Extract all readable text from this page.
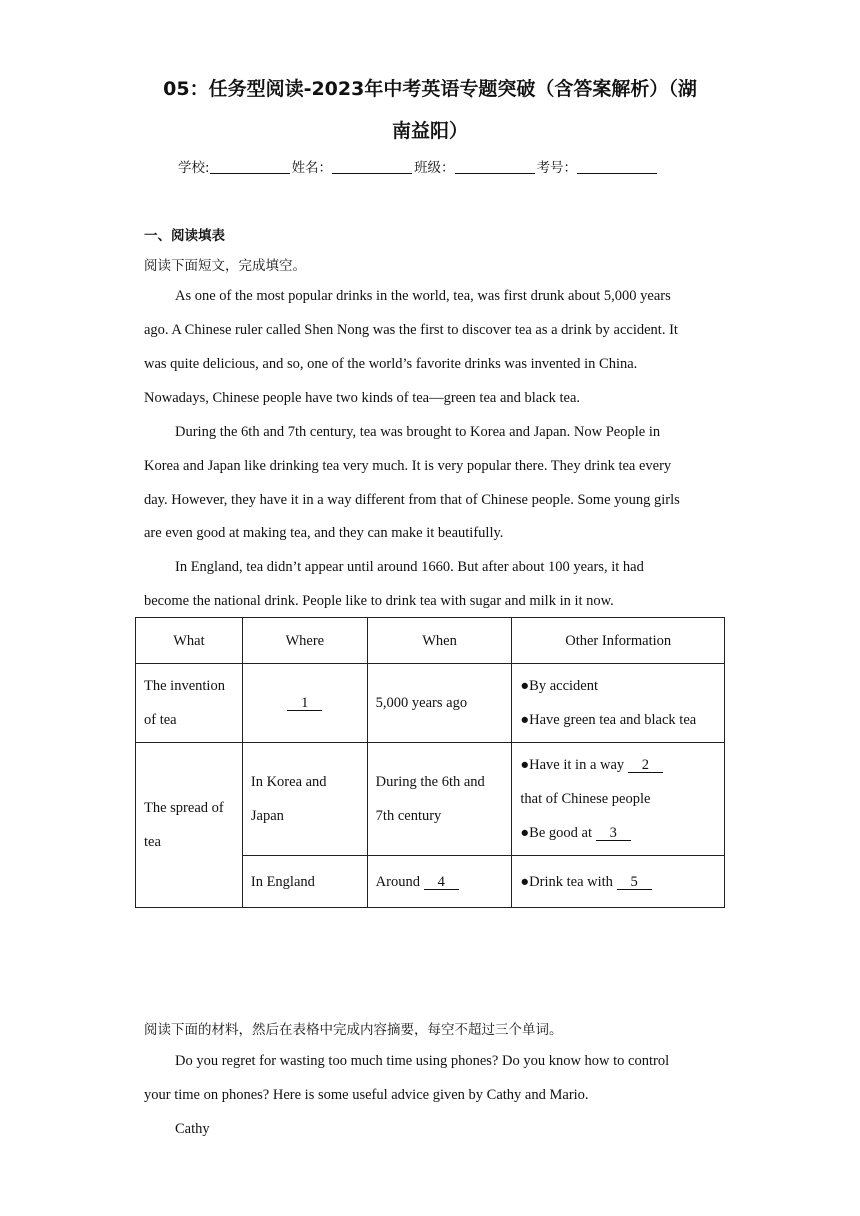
05：任务型阅读-2023年中考英语专题突破（含答案解析）（湖
南益阳）
学校:	姓名：	班级：	考号：
一、阅读填表
阅读下面短文，完成填空。
As one of the most popular drinks in the world, tea, was first drunk about 5,000 years
ago. A Chinese ruler called Shen Nong was the first to discover tea as a drink by accident. It
was quite delicious, and so, one of the world’s favorite drinks was invented in China.
Nowadays, Chinese people have two kinds of tea—green tea and black tea.
During the 6th and 7th century, tea was brought to Korea and Japan. Now People in
Korea and Japan like drinking tea very much. It is very popular there. They drink tea every
day. However, they have it in a way different from that of Chinese people. Some young girls
are even good at making tea, and they can make it beautifully.
In England, tea didn’t appear until around 1660. But after about 100 years, it had
become the national drink. People like to drink tea with sugar and milk in it now.
What	Where	When	Other Information
The invention
of tea	1	5,000 years ago	●By accident
●Have green tea and black tea
The spread of
tea	In Korea and
Japan	During the 6th and
7th century	●Have it in a way 2
that of Chinese people
●Be good at 3
	In England	Around 4	●Drink tea with 5
阅读下面的材料，然后在表格中完成内容摘要，每空不超过三个单词。
Do you regret for wasting too much time using phones? Do you know how to control
your time on phones? Here is some useful advice given by Cathy and Mario.
Cathy
